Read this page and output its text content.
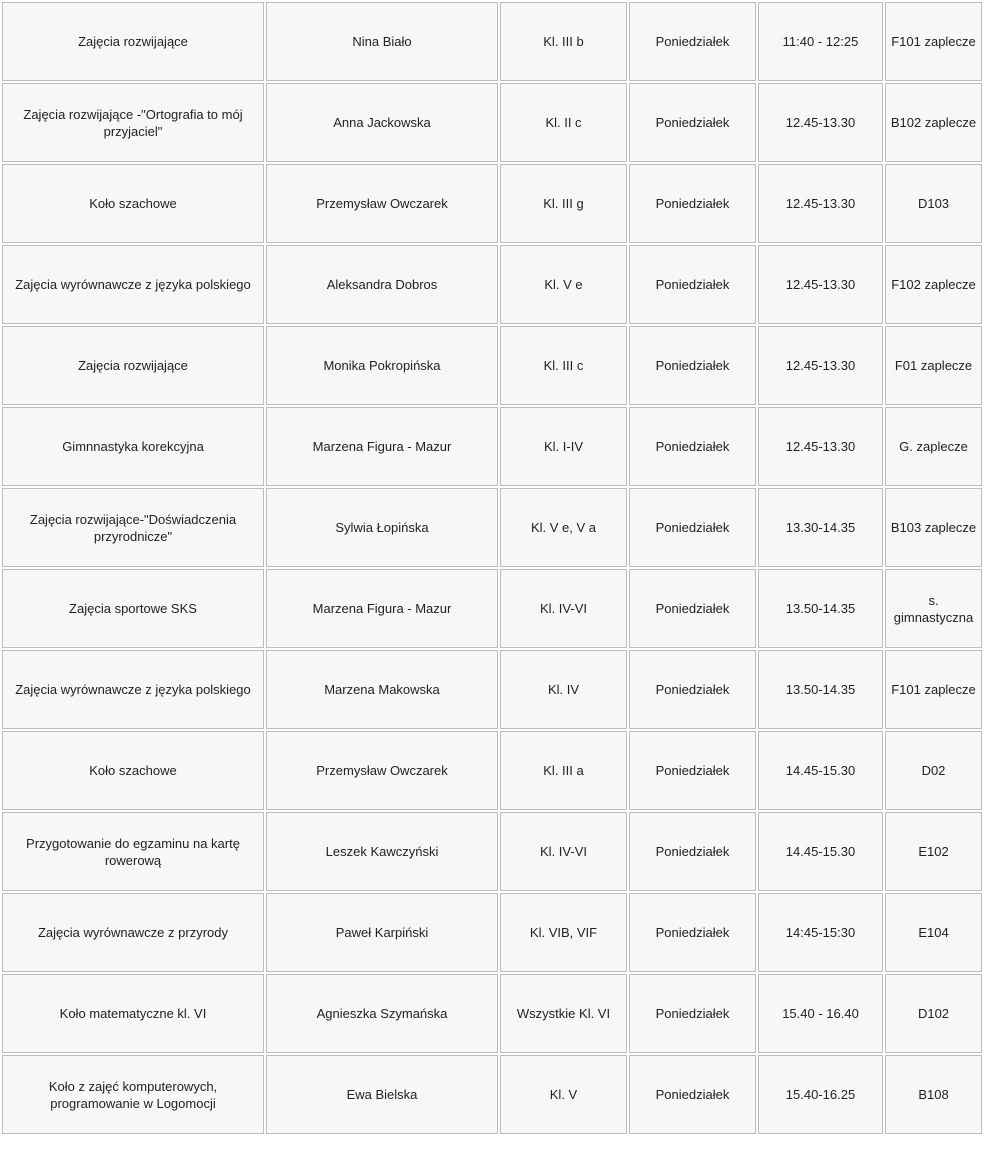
Zajęcia rozwijające	Nina Biało	Kl. III b	Poniedziałek	11:40 - 12:25	F101 zaplecze
Zajęcia rozwijające -"Ortografia to mój przyjaciel"	Anna Jackowska	Kl. II c	Poniedziałek	12.45-13.30	B102 zaplecze
Koło szachowe	Przemysław Owczarek	Kl. III g	Poniedziałek	12.45-13.30	D103
Zajęcia wyrównawcze z języka polskiego	Aleksandra Dobros	Kl. V e	Poniedziałek	12.45-13.30	F102 zaplecze
Zajęcia rozwijające	Monika Pokropińska	Kl. III c	Poniedziałek	12.45-13.30	F01 zaplecze
Gimnnastyka korekcyjna	Marzena Figura - Mazur	Kl. I-IV	Poniedziałek	12.45-13.30	G. zaplecze
Zajęcia rozwijające-"Doświadczenia przyrodnicze"	Sylwia Łopińska	Kl. V e, V a	Poniedziałek	13.30-14.35	B103 zaplecze
Zajęcia sportowe SKS	Marzena Figura - Mazur	Kl. IV-VI	Poniedziałek	13.50-14.35	s. gimnastyczna
Zajęcia wyrównawcze z języka polskiego	Marzena Makowska	Kl. IV	Poniedziałek	13.50-14.35	F101 zaplecze
Koło szachowe	Przemysław Owczarek	Kl. III a	Poniedziałek	14.45-15.30	D02
Przygotowanie do egzaminu na kartę rowerową	Leszek Kawczyński	Kl. IV-VI	Poniedziałek	14.45-15.30	E102
Zajęcia wyrównawcze z przyrody	Paweł Karpiński	Kl. VIB, VIF	Poniedziałek	14:45-15:30	E104
Koło matematyczne kl. VI	Agnieszka Szymańska	Wszystkie Kl. VI	Poniedziałek	15.40 - 16.40	D102
Koło z zajęć komputerowych, programowanie w Logomocji	Ewa Bielska	Kl. V	Poniedziałek	15.40-16.25	B108
